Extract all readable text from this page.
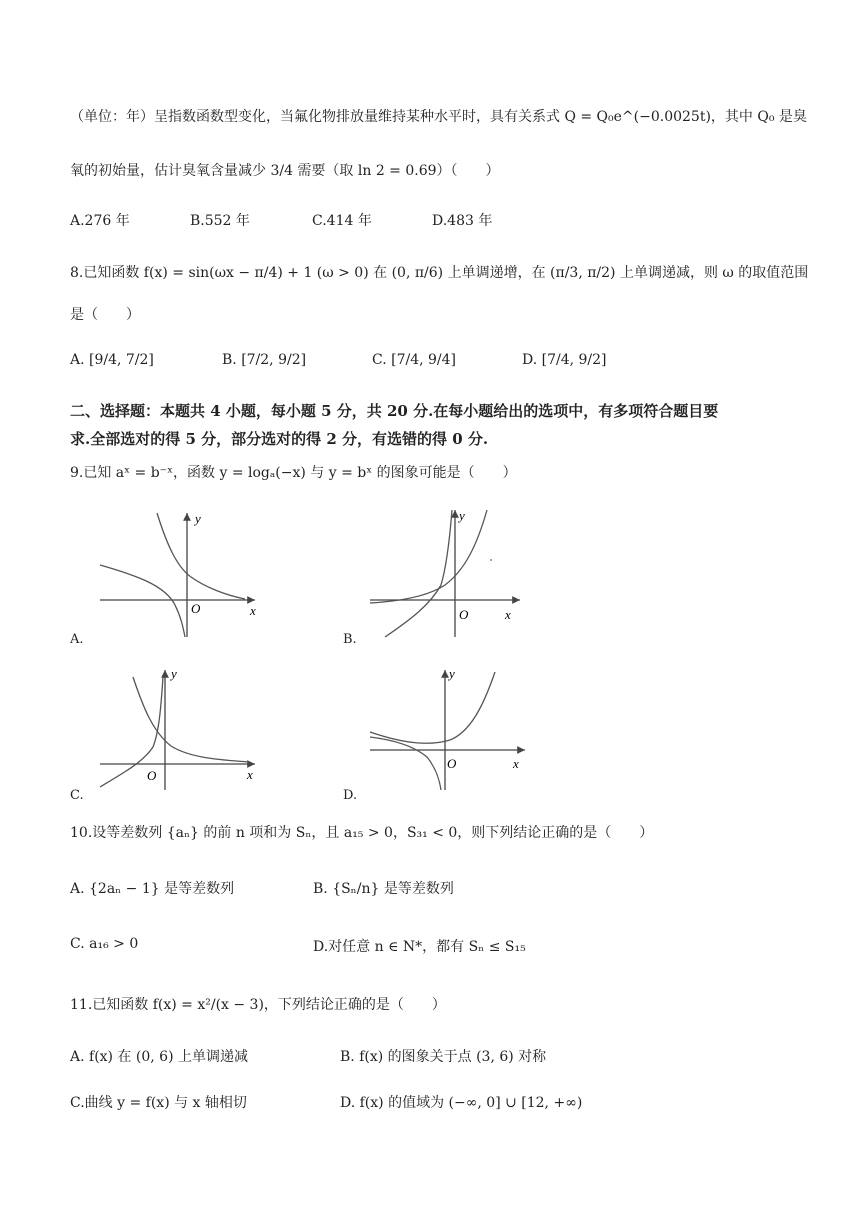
（单位：年）呈指数函数型变化，当氟化物排放量维持某种水平时，具有关系式 Q = Q₀e^(−0.0025t)，其中 Q₀ 是臭
氧的初始量，估计臭氧含量减少 3/4 需要（取 ln 2 = 0.69）（　　）
A.276 年	B.552 年	C.414 年	D.483 年
8.已知函数 f(x) = sin(ωx − π/4) + 1 (ω > 0) 在 (0, π/6) 上单调递增，在 (π/3, π/2) 上单调递减，则 ω 的取值范围
是（　　）
A. [9/4, 7/2]	B. [7/2, 9/2]	C. [7/4, 9/4]	D. [7/4, 9/2]
二、选择题：本题共 4 小题，每小题 5 分，共 20 分.在每小题给出的选项中，有多项符合题目要
求.全部选对的得 5 分，部分选对的得 2 分，有选错的得 0 分.
9.已知 aˣ = b⁻ˣ，函数 y = logₐ(−x) 与 y = bˣ 的图象可能是（　　）
O	x
y
A.
O	x
y
B.
O	x
y
C.
O	x
y
D.
10.设等差数列 {aₙ} 的前 n 项和为 Sₙ，且 a₁₅ > 0，S₃₁ < 0，则下列结论正确的是（　　）
A. {2aₙ − 1} 是等差数列	B. {Sₙ/n} 是等差数列
C. a₁₆ > 0	D.对任意 n ∈ N*，都有 Sₙ ≤ S₁₅
11.已知函数 f(x) = x²/(x − 3)，下列结论正确的是（　　）
A. f(x) 在 (0, 6) 上单调递减	B. f(x) 的图象关于点 (3, 6) 对称
C.曲线 y = f(x) 与 x 轴相切	D. f(x) 的值域为 (−∞, 0] ∪ [12, +∞)
